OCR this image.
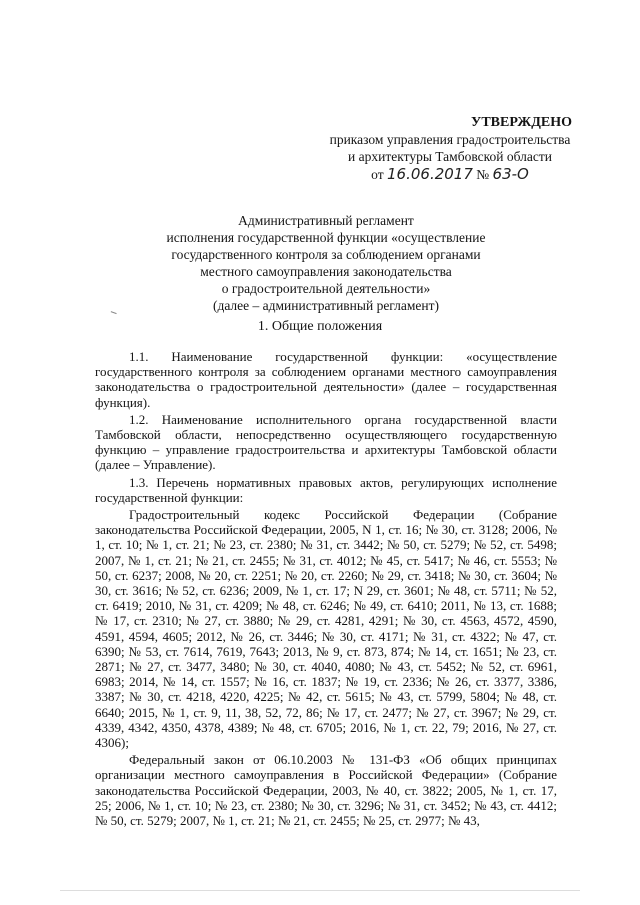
УТВЕРЖДЕНО
приказом управления градостроительства
и архитектуры Тамбовской области
от 16.06.2017 № 63-О
Административный регламент
исполнения государственной функции «осуществление
государственного контроля за соблюдением органами
местного самоуправления законодательства
о градостроительной деятельности»
(далее – административный регламент)
1. Общие положения

1.1. Наименование государственной функции: «осуществление государственного контроля за соблюдением органами местного самоуправления законодательства о градостроительной деятельности» (далее – государственная функция).

1.2. Наименование исполнительного органа государственной власти Тамбовской области, непосредственно осуществляющего государственную функцию – управление градостроительства и архитектуры Тамбовской области (далее – Управление).

1.3. Перечень нормативных правовых актов, регулирующих исполнение государственной функции:

Градостроительный кодекс Российской Федерации (Собрание законодательства Российской Федерации, 2005, N 1, ст. 16; № 30, ст. 3128; 2006, № 1, ст. 10; № 1, ст. 21; № 23, ст. 2380; № 31, ст. 3442; № 50, ст. 5279; № 52, ст. 5498; 2007, № 1, ст. 21; № 21, ст. 2455; № 31, ст. 4012; № 45, ст. 5417; № 46, ст. 5553; № 50, ст. 6237; 2008, № 20, ст. 2251; № 20, ст. 2260; № 29, ст. 3418; № 30, ст. 3604; № 30, ст. 3616; № 52, ст. 6236; 2009, № 1, ст. 17; N 29, ст. 3601; № 48, ст. 5711; № 52, ст. 6419; 2010, № 31, ст. 4209; № 48, ст. 6246; № 49, ст. 6410; 2011, № 13, ст. 1688; № 17, ст. 2310; № 27, ст. 3880; № 29, ст. 4281, 4291; № 30, ст. 4563, 4572, 4590, 4591, 4594, 4605; 2012, № 26, ст. 3446; № 30, ст. 4171; № 31, ст. 4322; № 47, ст. 6390; № 53, ст. 7614, 7619, 7643; 2013, № 9, ст. 873, 874; № 14, ст. 1651; № 23, ст. 2871; № 27, ст. 3477, 3480; № 30, ст. 4040, 4080; № 43, ст. 5452; № 52, ст. 6961, 6983; 2014, № 14, ст. 1557; № 16, ст. 1837; № 19, ст. 2336; № 26, ст. 3377, 3386, 3387; № 30, ст. 4218, 4220, 4225; № 42, ст. 5615; № 43, ст. 5799, 5804; № 48, ст. 6640; 2015, № 1, ст. 9, 11, 38, 52, 72, 86; № 17, ст. 2477; № 27, ст. 3967; № 29, ст. 4339, 4342, 4350, 4378, 4389; № 48, ст. 6705; 2016, № 1, ст. 22, 79; 2016, № 27, ст. 4306);

Федеральный закон от 06.10.2003 № 131-ФЗ «Об общих принципах организации местного самоуправления в Российской Федерации» (Собрание законодательства Российской Федерации, 2003, № 40, ст. 3822; 2005, № 1, ст. 17, 25; 2006, № 1, ст. 10; № 23, ст. 2380; № 30, ст. 3296; № 31, ст. 3452; № 43, ст. 4412; № 50, ст. 5279; 2007, № 1, ст. 21; № 21, ст. 2455; № 25, ст. 2977; № 43,
